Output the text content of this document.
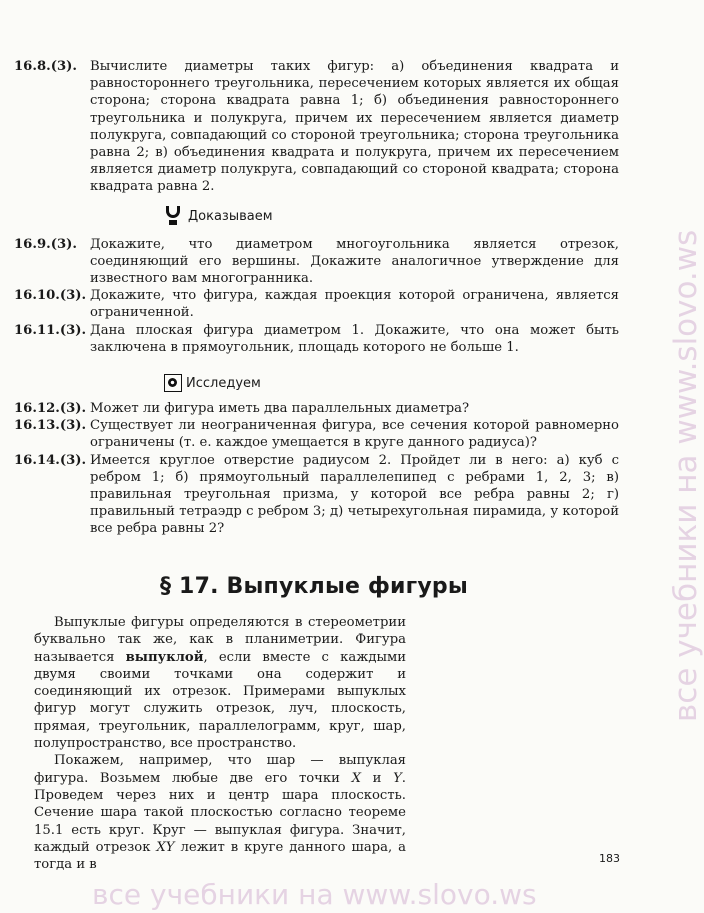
16.8.(3). Вычислите диаметры таких фигур: а) объединения квадрата и равностороннего треугольника, пересечением которых является их общая сторона; сторона квадрата равна 1; б) объединения равностороннего треугольника и полукруга, причем их пересечением является диаметр полукруга, совпадающий со стороной треугольника; сторона треугольника равна 2; в) объединения квадрата и полукруга, причем их пересечением является диаметр полукруга, совпадающий со стороной квадрата; сторона квадрата равна 2.
Доказываем
16.9.(3). Докажите, что диаметром многоугольника является отрезок, соединяющий его вершины. Докажите аналогичное утверждение для известного вам многогранника.
16.10.(3). Докажите, что фигура, каждая проекция которой ограничена, является ограниченной.
16.11.(3). Дана плоская фигура диаметром 1. Докажите, что она может быть заключена в прямоугольник, площадь которого не больше 1.
Исследуем
16.12.(3). Может ли фигура иметь два параллельных диаметра?
16.13.(3). Существует ли неограниченная фигура, все сечения которой равномерно ограничены (т. е. каждое умещается в круге данного радиуса)?
16.14.(3). Имеется круглое отверстие радиусом 2. Пройдет ли в него: а) куб с ребром 1; б) прямоугольный параллелепипед с ребрами 1, 2, 3; в) правильная треугольная призма, у которой все ребра равны 2; г) правильный тетраэдр с ребром 3; д) четырехугольная пирамида, у которой все ребра равны 2?
§ 17. Выпуклые фигуры

Выпуклые фигуры определяются в стереометрии буквально так же, как в планиметрии. Фигура называется выпуклой, если вместе с каждыми двумя своими точками она содержит и соединяющий их отрезок. Примерами выпуклых фигур могут служить отрезок, луч, плоскость, прямая, треугольник, параллелограмм, круг, шар, полупространство, все пространство.

Покажем, например, что шар — выпуклая фигура. Возьмем любые две его точки X и Y. Проведем через них и центр шара плоскость. Сечение шара такой плоскостью согласно теореме 15.1 есть круг. Круг — выпуклая фигура. Значит, каждый отрезок XY лежит в круге данного шара, а тогда и в	183
все учебники на www.slovo.ws
все учебники на www.slovo.ws
